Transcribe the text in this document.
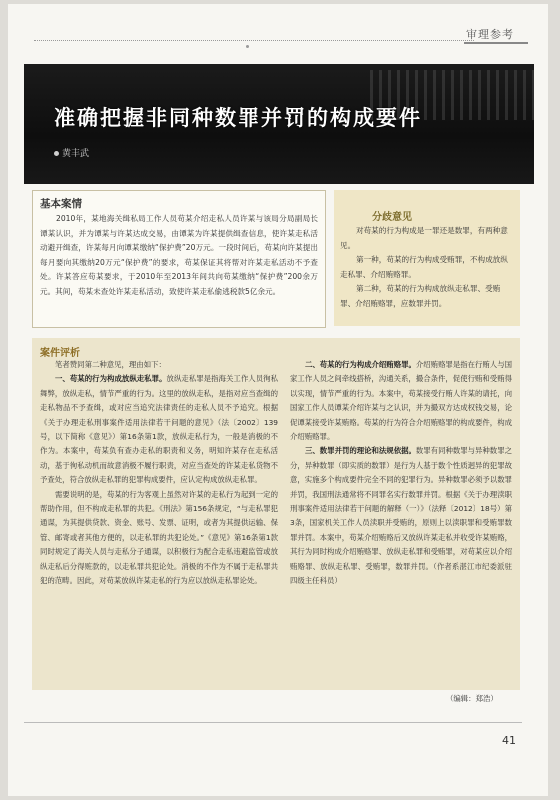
审理参考
准确把握非同种数罪并罚的构成要件
黄丰武
基本案情
2010年，某地海关缉私局工作人员苟某介绍走私人员许某与该局分局副局长谭某认识，并为谭某与许某达成交易，由谭某为许某提供缉查信息，使许某走私活动避开缉查，许某每月向谭某缴纳“保护费”20万元。一段时间后，苟某向许某提出每月要向其缴纳20万元“保护费”的要求，苟某保证其将帮对许某走私活动不予查处。许某答应苟某要求，于2010年至2013年间共向苟某缴纳“保护费”200余万元。其间，苟某未查处许某走私活动，致使许某走私偷逃税款5亿余元。
分歧意见

对苟某的行为构成是一罪还是数罪，有两种意见。

第一种，苟某的行为构成受贿罪，不构成放纵走私罪、介绍贿赂罪。

第二种，苟某的行为构成放纵走私罪、受贿罪、介绍贿赂罪，应数罪并罚。

案件评析

笔者赞同第二种意见，理由如下：

一、苟某的行为构成放纵走私罪。放纵走私罪是指海关工作人员徇私舞弊，放纵走私，情节严重的行为。这里的放纵走私，是指对应当查缉的走私物品不予查缉，或对应当追究法律责任的走私人员不予追究。根据《关于办理走私刑事案件适用法律若干问题的意见》（法〔2002〕139号，以下简称《意见》）第16条第1款，放纵走私行为，一般是消极的不作为。本案中，苟某负有查办走私的职责和义务，明知许某存在走私活动，基于徇私动机而故意消极不履行职责，对应当查处的许某走私货物不予查处，符合放纵走私罪的犯罪构成要件，应认定构成放纵走私罪。

需要说明的是，苟某的行为客观上虽然对许某的走私行为起到一定的帮助作用，但不构成走私罪的共犯。《刑法》第156条规定，“与走私罪犯通谋，为其提供贷款、资金、账号、发票、证明，或者为其提供运输、保管、邮寄或者其他方便的，以走私罪的共犯论处。”《意见》第16条第1款同时规定了海关人员与走私分子通谋，以积极行为配合走私违避监管或放纵走私后分得赃款的，以走私罪共犯论处。消极的不作为不属于走私罪共犯的范畴。因此，对苟某放纵许某走私的行为应以放纵走私罪论处。

二、苟某的行为构成介绍贿赂罪。介绍贿赂罪是指在行贿人与国家工作人员之间牵线搭桥，沟通关系，撮合条件，促使行贿和受贿得以实现，情节严重的行为。本案中，苟某接受行贿人许某的请托，向国家工作人员谭某介绍许某与之认识，并为撮双方达成权钱交易，论促谭某接受许某贿赂。苟某的行为符合介绍贿赂罪的构成要件，构成介绍贿赂罪。

三、数罪并罚的理论和法规依据。数罪有同种数罪与异种数罪之分，异种数罪（即实质的数罪）是行为人基于数个性质迥异的犯罪故意，实施多个构成要件完全不同的犯罪行为。异种数罪必须予以数罪并罚，我国刑法通常将不同罪名实行数罪并罚。根据《关于办理渎职刑事案件适用法律若干问题的解释（一）》（法释〔2012〕18号）第3条，国家机关工作人员渎职并受贿的，原则上以渎职罪和受贿罪数罪并罚。本案中，苟某介绍贿赂后又放纵许某走私并收受许某贿赂，其行为同时构成介绍贿赂罪、放纵走私罪和受贿罪，对苟某应以介绍贿赂罪、放纵走私罪、受贿罪，数罪并罚。（作者系湛江市纪委派驻四级主任科员）

（编辑：郑浩）
41
